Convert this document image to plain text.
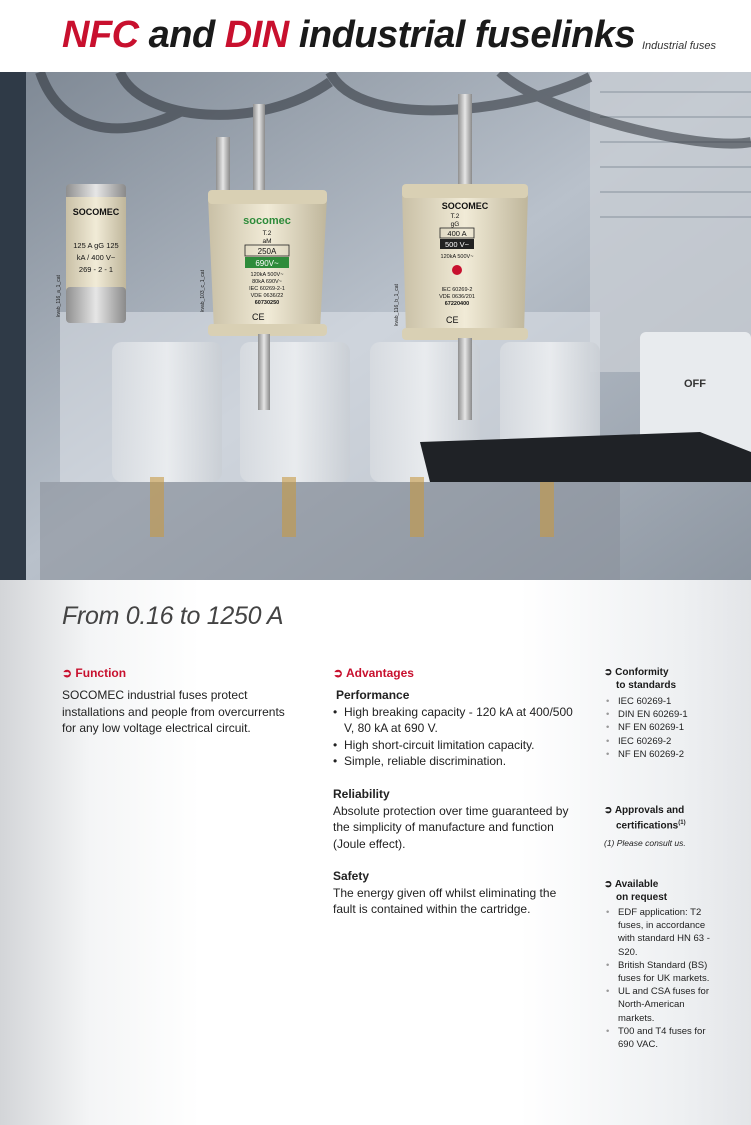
NFC and DIN industrial fuselinks Industrial fuses
OFF
SOCOMEC
125 A gG 125
kA / 400 V~
269 - 2 - 1
kvab_116_a_1_cat
socomec
T.2
aM
250A
690V~
120kA 500V~
80kA 690V~
IEC 60269-2-1
VDE 0636/22
60730250
CE
kvab_103_c_1_cat
SOCOMEC
T.2
gG
400 A
500 V~
120kA 500V~
IEC 60269-2
VDE 0636/201
67220400
CE
kvab_116_b_1_cat
From 0.16 to 1250 A
➲ Function

SOCOMEC industrial fuses protect installations and people from overcurrents for any low voltage electrical circuit.

➲ Advantages

Performance

• High breaking capacity - 120 kA at 400/500 V, 80 kA at 690 V.
• High short-circuit limitation capacity.
• Simple, reliable discrimination.

Reliability

Absolute protection over time guaranteed by the simplicity of manufacture and function (Joule effect).

Safety

The energy given off whilst eliminating the fault is contained within the cartridge.

➲ Conformity
to standards
• IEC 60269-1
• DIN EN 60269-1
• NF EN 60269-1
• IEC 60269-2
• NF EN 60269-2
➲ Approvals and
certifications$^{(1)}$
(1) Please consult us.
➲ Available
on request
• EDF application: T2 fuses, in accordance with standard HN 63 - S20.
• British Standard (BS) fuses for UK markets.
• UL and CSA fuses for North-American markets.
• T00 and T4 fuses for 690 VAC.
